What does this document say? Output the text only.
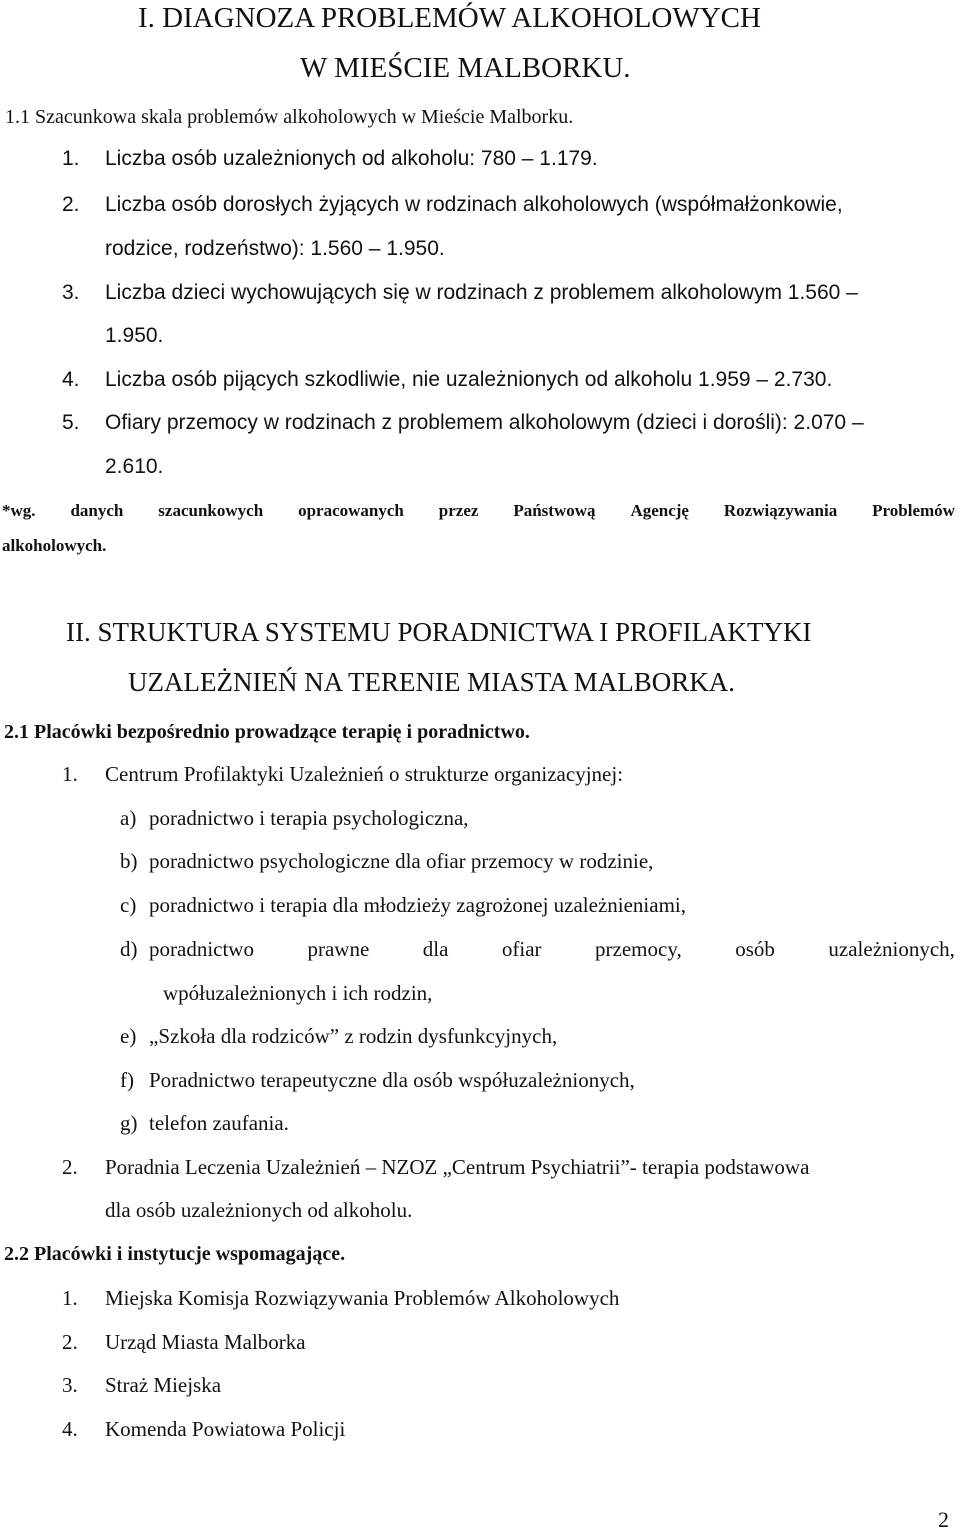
I. DIAGNOZA PROBLEMÓW ALKOHOLOWYCH
W MIEŚCIE MALBORKU.
1.1 Szacunkowa skala problemów alkoholowych w Mieście Malborku.
1. Liczba osób uzależnionych od alkoholu: 780 – 1.179.
2. Liczba osób dorosłych żyjących w rodzinach alkoholowych (współmałżonkowie,
rodzice, rodzeństwo): 1.560 – 1.950.
3. Liczba dzieci wychowujących się w rodzinach z problemem alkoholowym 1.560 –
1.950.
4. Liczba osób pijących szkodliwie, nie uzależnionych od alkoholu 1.959 – 2.730.
5. Ofiary przemocy w rodzinach z problemem alkoholowym (dzieci i dorośli): 2.070 –
2.610.
*wg. danych szacunkowych opracowanych przez Państwową Agencję Rozwiązywania Problemów
alkoholowych.
II. STRUKTURA SYSTEMU PORADNICTWA I PROFILAKTYKI
UZALEŻNIEŃ NA TERENIE MIASTA MALBORKA.
2.1 Placówki bezpośrednio prowadzące terapię i poradnictwo.
1. Centrum Profilaktyki Uzależnień o strukturze organizacyjnej:
a) poradnictwo i terapia psychologiczna,
b) poradnictwo psychologiczne dla ofiar przemocy w rodzinie,
c) poradnictwo i terapia dla młodzieży zagrożonej uzależnieniami,
d) poradnictwo	prawne	dla	ofiar	przemocy,	osób	uzależnionych,
wpółuzależnionych i ich rodzin,
e) „Szkoła dla rodziców” z rodzin dysfunkcyjnych,
f) Poradnictwo terapeutyczne dla osób współuzależnionych,
g) telefon zaufania.
2. Poradnia Leczenia Uzależnień – NZOZ „Centrum Psychiatrii”- terapia podstawowa
dla osób uzależnionych od alkoholu.
2.2 Placówki i instytucje wspomagające.
1. Miejska Komisja Rozwiązywania Problemów Alkoholowych
2. Urząd Miasta Malborka
3. Straż Miejska
4. Komenda Powiatowa Policji
2
